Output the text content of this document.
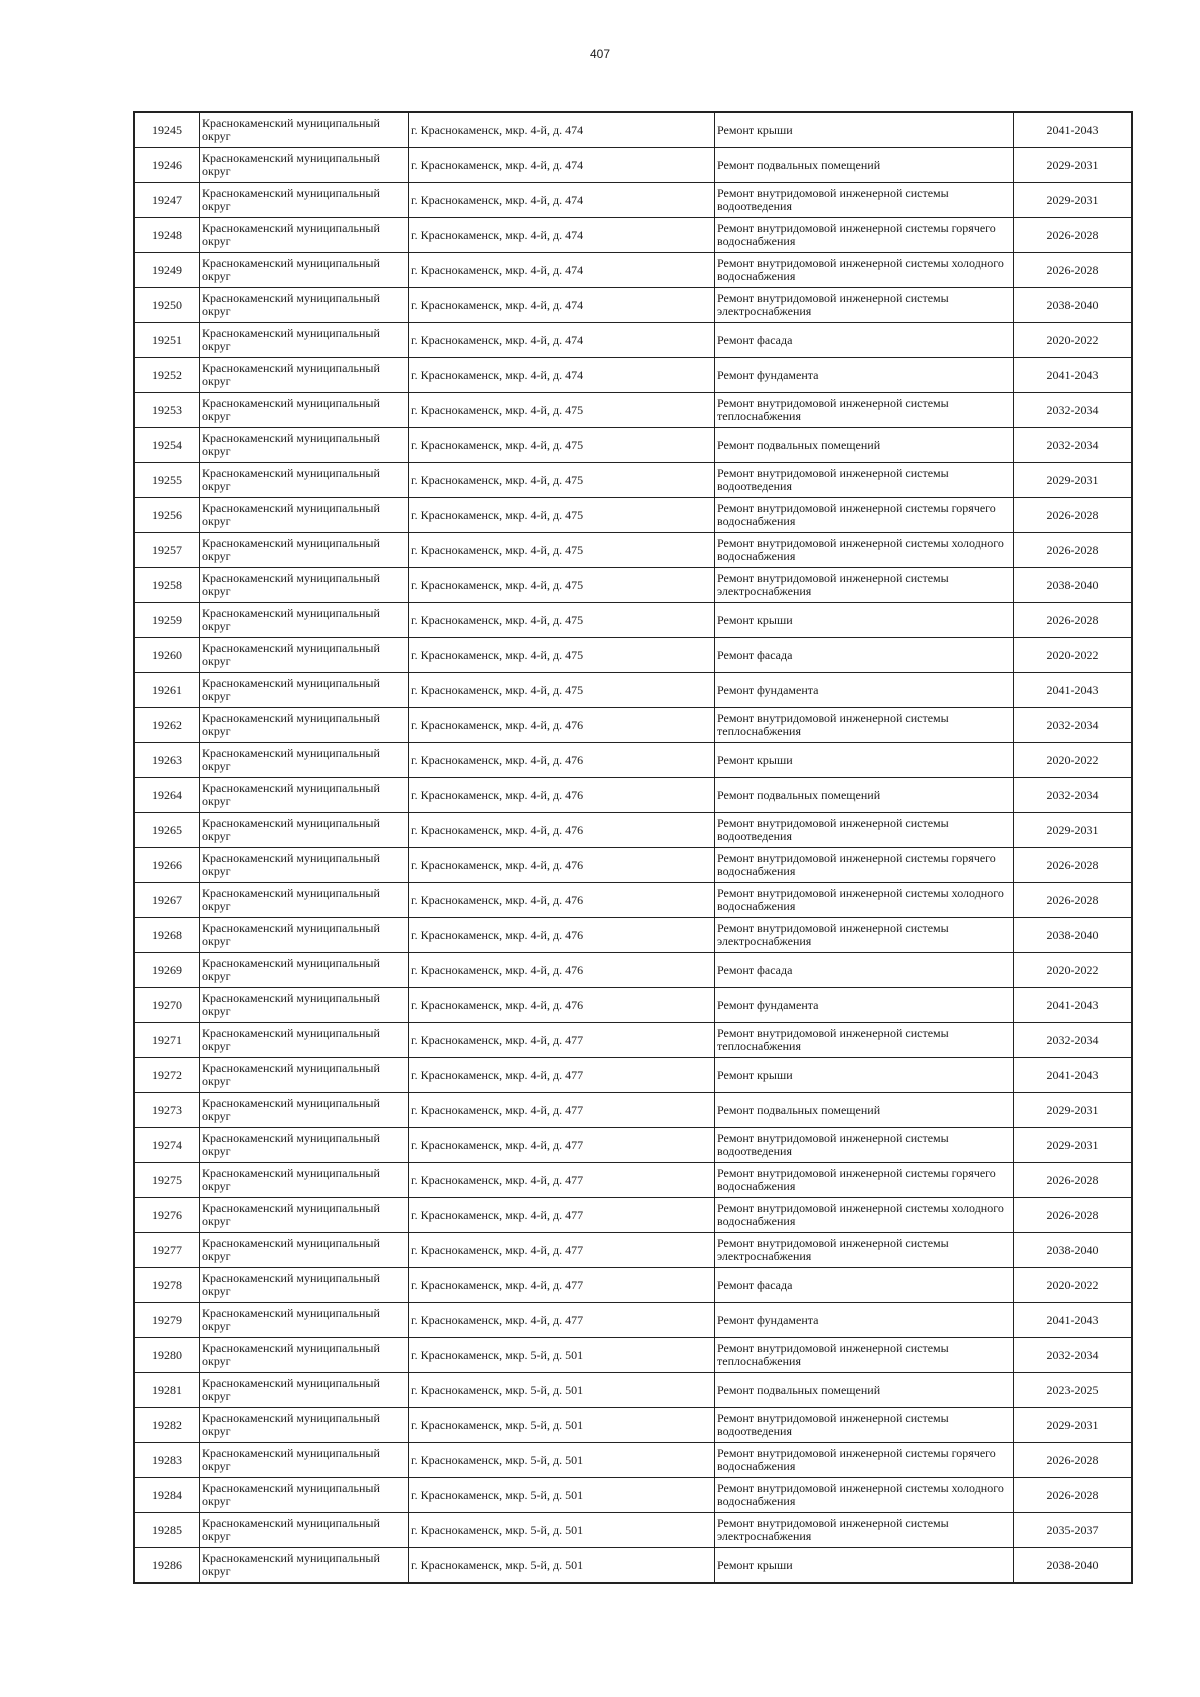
407
19245	Краснокаменский муниципальный округ	г. Краснокаменск, мкр. 4-й, д. 474	Ремонт крыши	2041-2043
19246	Краснокаменский муниципальный округ	г. Краснокаменск, мкр. 4-й, д. 474	Ремонт подвальных помещений	2029-2031
19247	Краснокаменский муниципальный округ	г. Краснокаменск, мкр. 4-й, д. 474	Ремонт внутридомовой инженерной системы водоотведения	2029-2031
19248	Краснокаменский муниципальный округ	г. Краснокаменск, мкр. 4-й, д. 474	Ремонт внутридомовой инженерной системы горячего водоснабжения	2026-2028
19249	Краснокаменский муниципальный округ	г. Краснокаменск, мкр. 4-й, д. 474	Ремонт внутридомовой инженерной системы холодного водоснабжения	2026-2028
19250	Краснокаменский муниципальный округ	г. Краснокаменск, мкр. 4-й, д. 474	Ремонт внутридомовой инженерной системы электроснабжения	2038-2040
19251	Краснокаменский муниципальный округ	г. Краснокаменск, мкр. 4-й, д. 474	Ремонт фасада	2020-2022
19252	Краснокаменский муниципальный округ	г. Краснокаменск, мкр. 4-й, д. 474	Ремонт фундамента	2041-2043
19253	Краснокаменский муниципальный округ	г. Краснокаменск, мкр. 4-й, д. 475	Ремонт внутридомовой инженерной системы теплоснабжения	2032-2034
19254	Краснокаменский муниципальный округ	г. Краснокаменск, мкр. 4-й, д. 475	Ремонт подвальных помещений	2032-2034
19255	Краснокаменский муниципальный округ	г. Краснокаменск, мкр. 4-й, д. 475	Ремонт внутридомовой инженерной системы водоотведения	2029-2031
19256	Краснокаменский муниципальный округ	г. Краснокаменск, мкр. 4-й, д. 475	Ремонт внутридомовой инженерной системы горячего водоснабжения	2026-2028
19257	Краснокаменский муниципальный округ	г. Краснокаменск, мкр. 4-й, д. 475	Ремонт внутридомовой инженерной системы холодного водоснабжения	2026-2028
19258	Краснокаменский муниципальный округ	г. Краснокаменск, мкр. 4-й, д. 475	Ремонт внутридомовой инженерной системы электроснабжения	2038-2040
19259	Краснокаменский муниципальный округ	г. Краснокаменск, мкр. 4-й, д. 475	Ремонт крыши	2026-2028
19260	Краснокаменский муниципальный округ	г. Краснокаменск, мкр. 4-й, д. 475	Ремонт фасада	2020-2022
19261	Краснокаменский муниципальный округ	г. Краснокаменск, мкр. 4-й, д. 475	Ремонт фундамента	2041-2043
19262	Краснокаменский муниципальный округ	г. Краснокаменск, мкр. 4-й, д. 476	Ремонт внутридомовой инженерной системы теплоснабжения	2032-2034
19263	Краснокаменский муниципальный округ	г. Краснокаменск, мкр. 4-й, д. 476	Ремонт крыши	2020-2022
19264	Краснокаменский муниципальный округ	г. Краснокаменск, мкр. 4-й, д. 476	Ремонт подвальных помещений	2032-2034
19265	Краснокаменский муниципальный округ	г. Краснокаменск, мкр. 4-й, д. 476	Ремонт внутридомовой инженерной системы водоотведения	2029-2031
19266	Краснокаменский муниципальный округ	г. Краснокаменск, мкр. 4-й, д. 476	Ремонт внутридомовой инженерной системы горячего водоснабжения	2026-2028
19267	Краснокаменский муниципальный округ	г. Краснокаменск, мкр. 4-й, д. 476	Ремонт внутридомовой инженерной системы холодного водоснабжения	2026-2028
19268	Краснокаменский муниципальный округ	г. Краснокаменск, мкр. 4-й, д. 476	Ремонт внутридомовой инженерной системы электроснабжения	2038-2040
19269	Краснокаменский муниципальный округ	г. Краснокаменск, мкр. 4-й, д. 476	Ремонт фасада	2020-2022
19270	Краснокаменский муниципальный округ	г. Краснокаменск, мкр. 4-й, д. 476	Ремонт фундамента	2041-2043
19271	Краснокаменский муниципальный округ	г. Краснокаменск, мкр. 4-й, д. 477	Ремонт внутридомовой инженерной системы теплоснабжения	2032-2034
19272	Краснокаменский муниципальный округ	г. Краснокаменск, мкр. 4-й, д. 477	Ремонт крыши	2041-2043
19273	Краснокаменский муниципальный округ	г. Краснокаменск, мкр. 4-й, д. 477	Ремонт подвальных помещений	2029-2031
19274	Краснокаменский муниципальный округ	г. Краснокаменск, мкр. 4-й, д. 477	Ремонт внутридомовой инженерной системы водоотведения	2029-2031
19275	Краснокаменский муниципальный округ	г. Краснокаменск, мкр. 4-й, д. 477	Ремонт внутридомовой инженерной системы горячего водоснабжения	2026-2028
19276	Краснокаменский муниципальный округ	г. Краснокаменск, мкр. 4-й, д. 477	Ремонт внутридомовой инженерной системы холодного водоснабжения	2026-2028
19277	Краснокаменский муниципальный округ	г. Краснокаменск, мкр. 4-й, д. 477	Ремонт внутридомовой инженерной системы электроснабжения	2038-2040
19278	Краснокаменский муниципальный округ	г. Краснокаменск, мкр. 4-й, д. 477	Ремонт фасада	2020-2022
19279	Краснокаменский муниципальный округ	г. Краснокаменск, мкр. 4-й, д. 477	Ремонт фундамента	2041-2043
19280	Краснокаменский муниципальный округ	г. Краснокаменск, мкр. 5-й, д. 501	Ремонт внутридомовой инженерной системы теплоснабжения	2032-2034
19281	Краснокаменский муниципальный округ	г. Краснокаменск, мкр. 5-й, д. 501	Ремонт подвальных помещений	2023-2025
19282	Краснокаменский муниципальный округ	г. Краснокаменск, мкр. 5-й, д. 501	Ремонт внутридомовой инженерной системы водоотведения	2029-2031
19283	Краснокаменский муниципальный округ	г. Краснокаменск, мкр. 5-й, д. 501	Ремонт внутридомовой инженерной системы горячего водоснабжения	2026-2028
19284	Краснокаменский муниципальный округ	г. Краснокаменск, мкр. 5-й, д. 501	Ремонт внутридомовой инженерной системы холодного водоснабжения	2026-2028
19285	Краснокаменский муниципальный округ	г. Краснокаменск, мкр. 5-й, д. 501	Ремонт внутридомовой инженерной системы электроснабжения	2035-2037
19286	Краснокаменский муниципальный округ	г. Краснокаменск, мкр. 5-й, д. 501	Ремонт крыши	2038-2040
